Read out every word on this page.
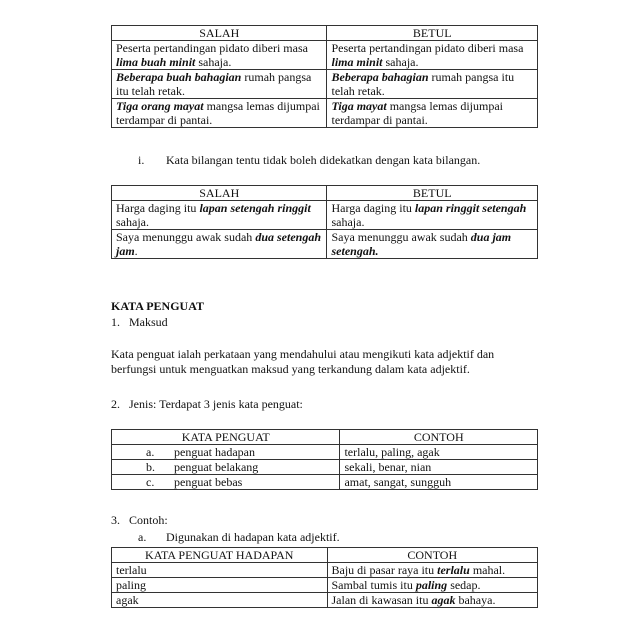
SALAH	BETUL
Peserta pertandingan pidato diberi masa lima buah minit sahaja.	Peserta pertandingan pidato diberi masa lima minit sahaja.
Beberapa buah bahagian rumah pangsa itu telah retak.	Beberapa bahagian rumah pangsa itu telah retak.
Tiga orang mayat mangsa lemas dijumpai terdampar di pantai.	Tiga mayat mangsa lemas dijumpai terdampar di pantai.
i. Kata bilangan tentu tidak boleh didekatkan dengan kata bilangan.
SALAH	BETUL
Harga daging itu lapan setengah ringgit sahaja.	Harga daging itu lapan ringgit setengah sahaja.
Saya menunggu awak sudah dua setengah jam.	Saya menunggu awak sudah dua jam setengah.
KATA PENGUAT
1. Maksud
Kata penguat ialah perkataan yang mendahului atau mengikuti kata adjektif dan berfungsi untuk menguatkan maksud yang terkandung dalam kata adjektif.
2. Jenis: Terdapat 3 jenis kata penguat:
KATA PENGUAT	CONTOH
a. penguat hadapan	terlalu, paling, agak
b. penguat belakang	sekali, benar, nian
c. penguat bebas	amat, sangat, sungguh
3. Contoh:
a. Digunakan di hadapan kata adjektif.
KATA PENGUAT HADAPAN	CONTOH
terlalu	Baju di pasar raya itu terlalu mahal.
paling	Sambal tumis itu paling sedap.
agak	Jalan di kawasan itu agak bahaya.
